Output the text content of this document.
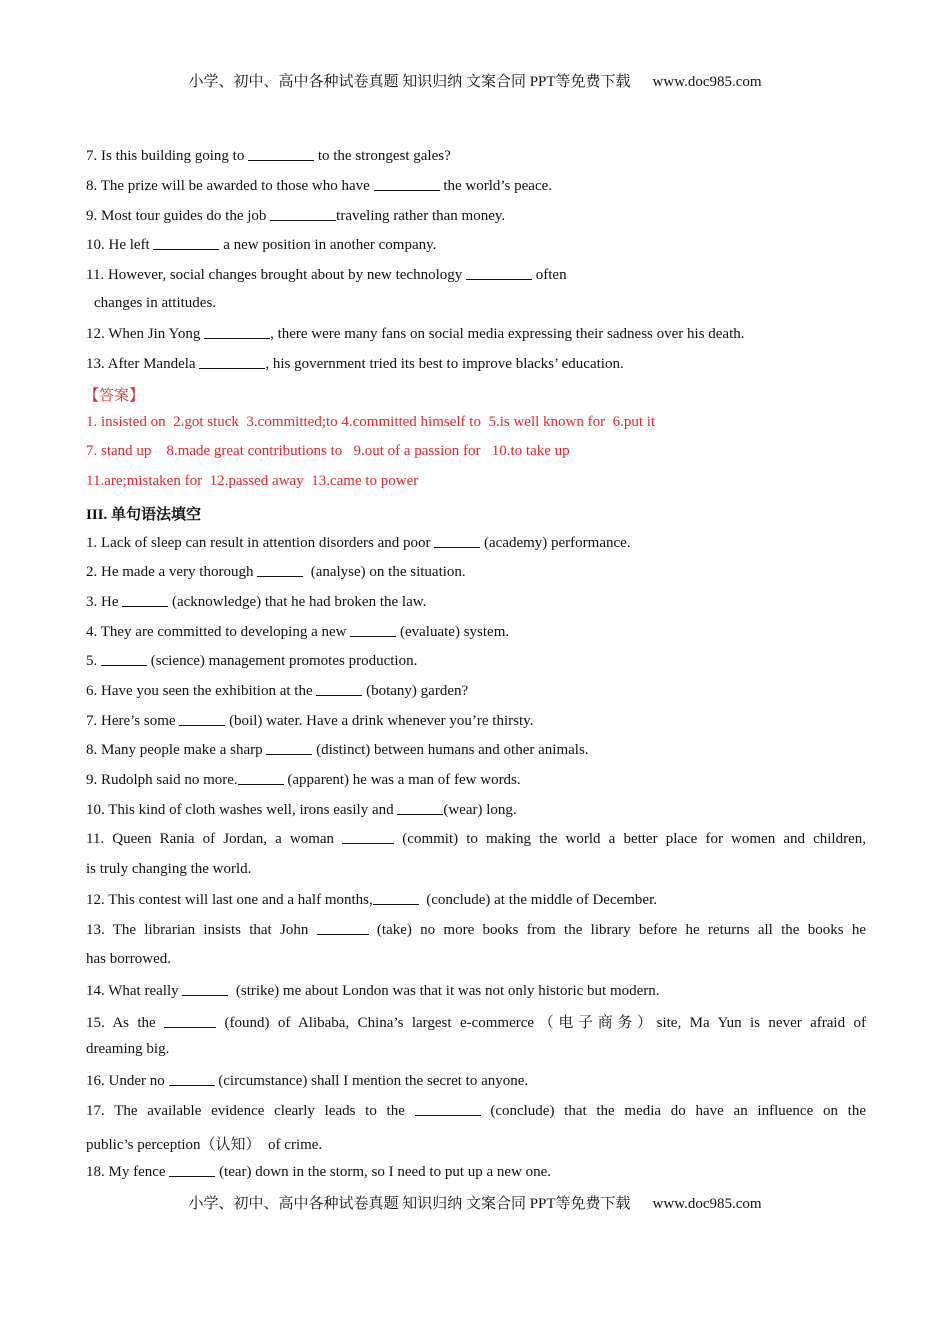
小学、初中、高中各种试卷真题 知识归纳 文案合同 PPT等免费下载 www.doc985.com
7. Is this building going to	to the strongest gales?
8. The prize will be awarded to those who have	the world’s peace.
9. Most tour guides do the job	traveling rather than money.
10. He left	a new position in another company.
11. However, social changes brought about by new technology	often
changes in attitudes.
12. When Jin Yong	, there were many fans on social media expressing their sadness over his death.
13. After Mandela	, his government tried its best to improve blacks’ education.
【答案】
1. insisted on  2.got stuck  3.committed;to 4.committed himself to  5.is well known for  6.put it
7. stand up    8.made great contributions to   9.out of a passion for   10.to take up
11.are;mistaken for  12.passed away  13.came to power
III. 单句语法填空
1. Lack of sleep can result in attention disorders and poor	(academy) performance.
2. He made a very thorough	(analyse) on the situation.
3. He	(acknowledge) that he had broken the law.
4. They are committed to developing a new	(evaluate) system.
5.	(science) management promotes production.
6. Have you seen the exhibition at the	(botany) garden?
7. Here’s some	(boil) water. Have a drink whenever you’re thirsty.
8. Many people make a sharp	(distinct) between humans and other animals.
9. Rudolph said no more.	(apparent) he was a man of few words.
10. This kind of cloth washes well, irons easily and	(wear) long.
11. Queen Rania of Jordan, a woman	(commit) to making the world a better place for women and children,
is truly changing the world.
12. This contest will last one and a half months,	(conclude) at the middle of December.
13. The librarian insists that John	(take) no more books from the library before he returns all the books he
has borrowed.
14. What really	(strike) me about London was that it was not only historic but modern.
15. As the	(found) of Alibaba, China’s largest e-commerce（电子商务）site, Ma Yun is never afraid of
dreaming big.
16. Under no	(circumstance) shall I mention the secret to anyone.
17. The available evidence clearly leads to the	(conclude) that the media do have an influence on the
public’s perception（认知）  of crime.
18. My fence	(tear) down in the storm, so I need to put up a new one.
小学、初中、高中各种试卷真题 知识归纳 文案合同 PPT等免费下载 www.doc985.com
